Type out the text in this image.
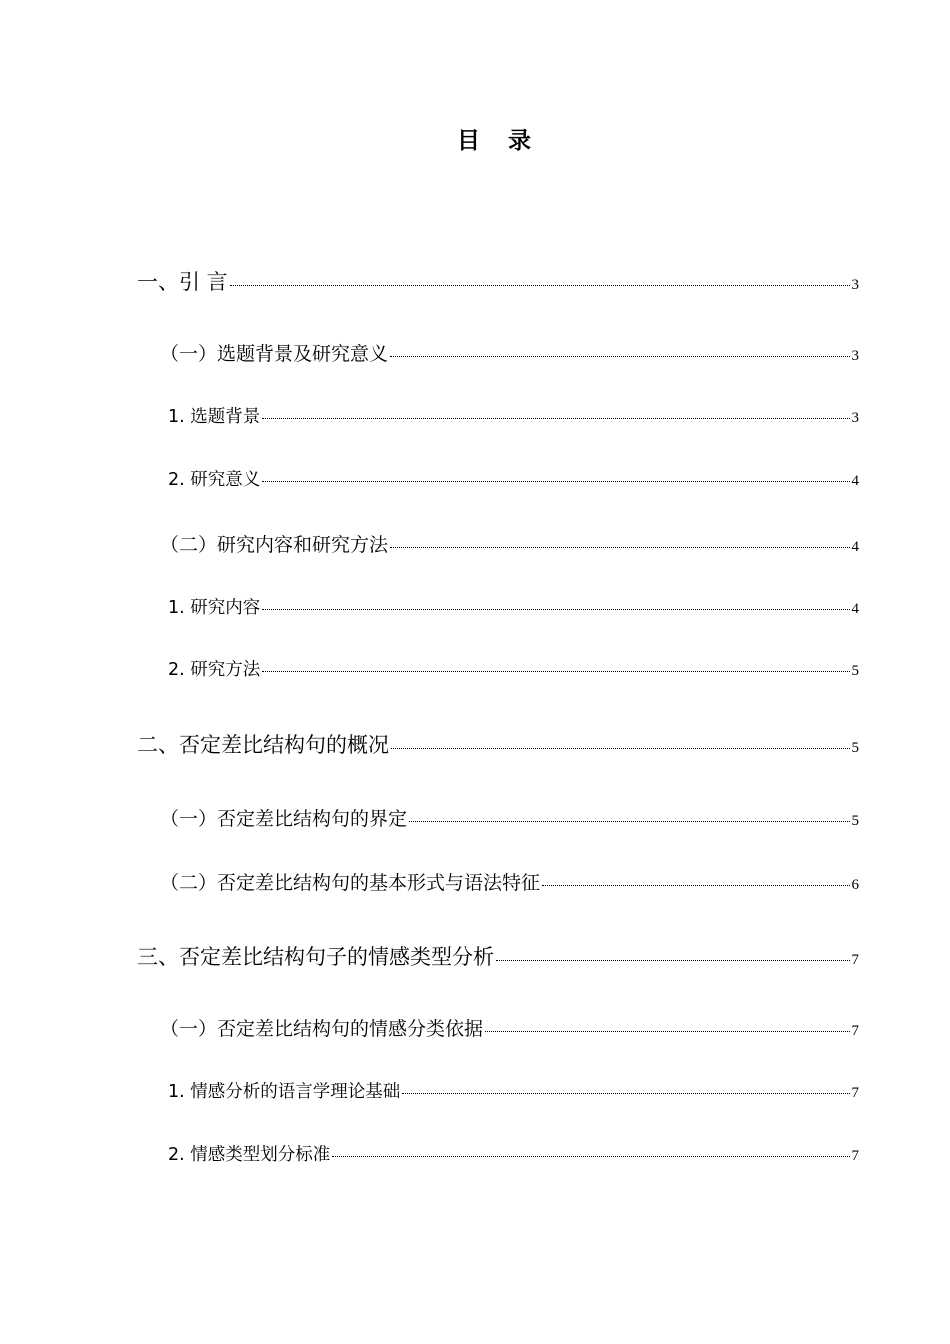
目 录
一、引 言	3
（一）选题背景及研究意义	3
1. 选题背景	3
2. 研究意义	4
（二）研究内容和研究方法	4
1. 研究内容	4
2. 研究方法	5
二、否定差比结构句的概况	5
（一）否定差比结构句的界定	5
（二）否定差比结构句的基本形式与语法特征	6
三、否定差比结构句子的情感类型分析	7
（一）否定差比结构句的情感分类依据	7
1. 情感分析的语言学理论基础	7
2. 情感类型划分标准	7
